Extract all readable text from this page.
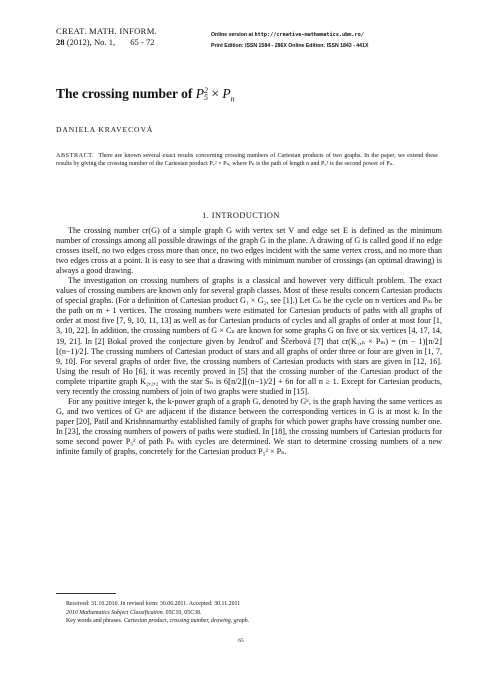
CREAT. MATH. INFORM.
28 (2012), No. 1,       65 - 72
Online version at http://creative-mathematics.ubm.ro/
Print Edition: ISSN 1584 - 286X Online Edition: ISSN 1843 - 441X
The crossing number of P 2
$5 \times P_n$
DANIELA KRAVECOVÁ
ABSTRACT. There are known several exact results concerning crossing numbers of Cartesian products of two graphs. In the paper, we extend these results by giving the crossing number of the Cartesian product P₅² × Pₙ, where Pₙ is the path of length n and P₅² is the second power of Pₙ.
1. INTRODUCTION

The crossing number cr(G) of a simple graph G with vertex set V and edge set E is defined as the minimum number of crossings among all possible drawings of the graph G in the plane. A drawing of G is called good if no edge crosses itself, no two edges cross more than once, no two edges incident with the same vertex cross, and no more than two edges cross at a point. It is easy to see that a drawing with minimum number of crossings (an optimal drawing) is always a good drawing.

The investigation on crossing numbers of graphs is a classical and however very difficult problem. The exact values of crossing numbers are known only for several graph classes. Most of these results concern Cartesian products of special graphs. (For a definition of Cartesian product G₁ × G₂, see [1].) Let Cₙ be the cycle on n vertices and Pₘ be the path on m + 1 vertices. The crossing numbers were estimated for Cartesian products of paths with all graphs of order at most five [7, 9, 10, 11, 13] as well as for Cartesian products of cycles and all graphs of order at most four [1, 3, 10, 22]. In addition, the crossing numbers of G × Cₙ are known for some graphs G on five or six vertices [4, 17, 14, 19, 21]. In [2] Bokal proved the conjecture given by Jendroľ and Ščerbová [7] that cr(K₁,ₙ × Pₘ) = (m − 1)⌊n/2⌋⌊(n−1)/2⌋. The crossing numbers of Cartesian product of stars and all graphs of order three or four are given in [1, 7, 9, 10]. For several graphs of order five, the crossing numbers of Cartesian products with stars are given in [12, 16]. Using the result of Ho [6], it was recently proved in [5] that the crossing number of the Cartesian product of the complete tripartite graph K₂,₂,₂ with the star Sₙ is 6⌊n/2⌋⌊(n−1)/2⌋ + 6n for all n ≥ 1. Except for Cartesian products, very recently the crossing numbers of join of two graphs were studied in [15].

For any positive integer k, the k-power graph of a graph G, denoted by Gᵏ, is the graph having the same vertices as G, and two vertices of Gᵏ are adjacent if the distance between the corresponding vertices in G is at most k. In the paper [20], Patil and Krishnnamurthy established family of graphs for which power graphs have crossing number one. In [23], the crossing numbers of powers of paths were studied. In [18], the crossing numbers of Cartesian products for some second power P₅² of path Pₙ with cycles are determined. We start to determine crossing numbers of a new infinite family of graphs, concretely for the Cartesian product P₅² × Pₙ.

Received: 31.10.2010. In revised form: 30.06.2011. Accepted: 30.11.2011
2010 Mathematics Subject Classification. 05C10, 05C38.
Key words and phrases. Cartesian product, crossing number, drawing, graph.
65
